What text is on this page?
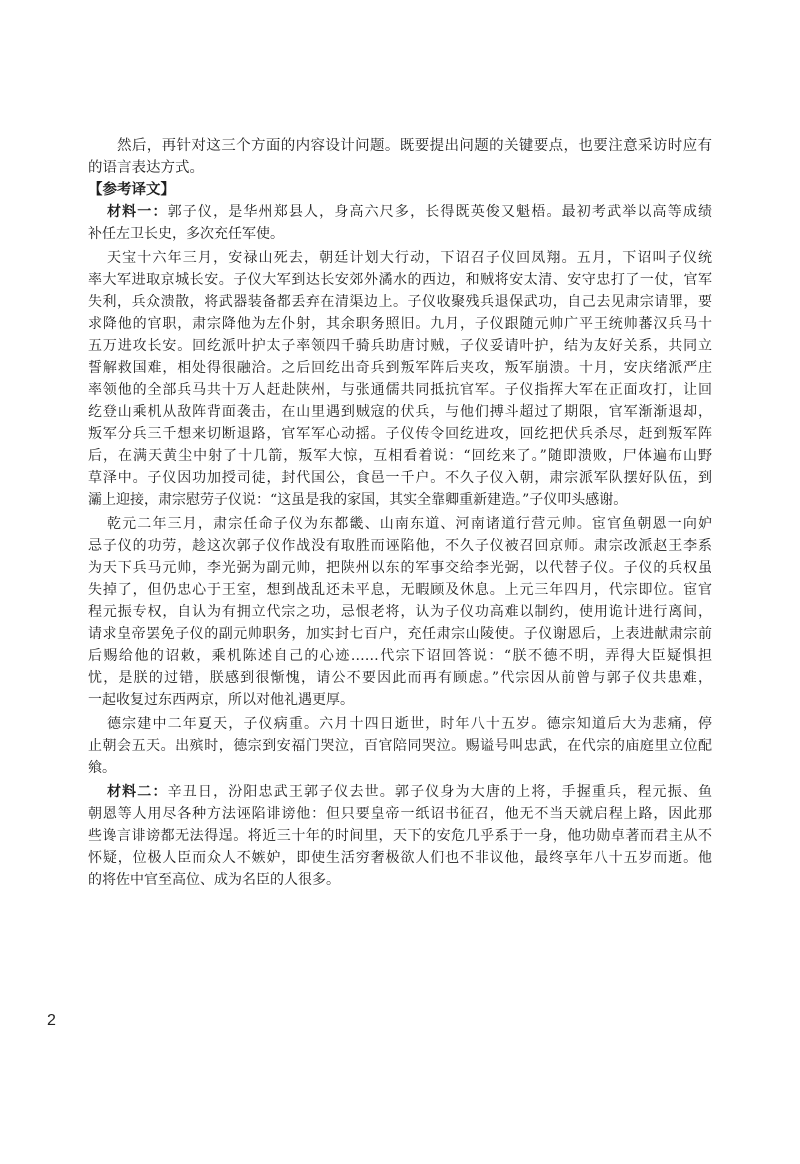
然后，再针对这三个方面的内容设计问题。既要提出问题的关键要点，也要注意采访时应有
的语言表达方式。
【参考译文】
材料一：郭子仪，是华州郑县人，身高六尺多，长得既英俊又魁梧。最初考武举以高等成绩
补任左卫长史，多次充任军使。
天宝十六年三月，安禄山死去，朝廷计划大行动，下诏召子仪回凤翔。五月，下诏叫子仪统
率大军进取京城长安。子仪大军到达长安郊外潏水的西边，和贼将安太清、安守忠打了一仗，官军
失利，兵众溃散，将武器装备都丢弃在清渠边上。子仪收聚残兵退保武功，自己去见肃宗请罪，要
求降他的官职，肃宗降他为左仆射，其余职务照旧。九月，子仪跟随元帅广平王统帅蕃汉兵马十
五万进攻长安。回纥派叶护太子率领四千骑兵助唐讨贼，子仪妥请叶护，结为友好关系，共同立
誓解救国难，相处得很融洽。之后回纥出奇兵到叛军阵后夹攻，叛军崩溃。十月，安庆绪派严庄
率领他的全部兵马共十万人赶赴陕州，与张通儒共同抵抗官军。子仪指挥大军在正面攻打，让回
纥登山乘机从敌阵背面袭击，在山里遇到贼寇的伏兵，与他们搏斗超过了期限，官军渐渐退却，
叛军分兵三千想来切断退路，官军军心动摇。子仪传令回纥进攻，回纥把伏兵杀尽，赶到叛军阵
后，在满天黄尘中射了十几箭，叛军大惊，互相看着说：“回纥来了。”随即溃败，尸体遍布山野
草泽中。子仪因功加授司徒，封代国公，食邑一千户。不久子仪入朝，肃宗派军队摆好队伍，到
灞上迎接，肃宗慰劳子仪说：“这虽是我的家国，其实全靠卿重新建造。”子仪叩头感谢。
乾元二年三月，肃宗任命子仪为东都畿、山南东道、河南诸道行营元帅。宦官鱼朝恩一向妒
忌子仪的功劳，趁这次郭子仪作战没有取胜而诬陷他，不久子仪被召回京师。肃宗改派赵王李系
为天下兵马元帅，李光弼为副元帅，把陕州以东的军事交给李光弼，以代替子仪。子仪的兵权虽
失掉了，但仍忠心于王室，想到战乱还未平息，无暇顾及休息。上元三年四月，代宗即位。宦官
程元振专权，自认为有拥立代宗之功，忌恨老将，认为子仪功高难以制约，使用诡计进行离间，
请求皇帝罢免子仪的副元帅职务，加实封七百户，充任肃宗山陵使。子仪谢恩后，上表进献肃宗前
后赐给他的诏敕，乘机陈述自己的心迹……代宗下诏回答说：“朕不德不明，弄得大臣疑惧担
忧，是朕的过错，朕感到很惭愧，请公不要因此而再有顾虑。”代宗因从前曾与郭子仪共患难，
一起收复过东西两京，所以对他礼遇更厚。
德宗建中二年夏天，子仪病重。六月十四日逝世，时年八十五岁。德宗知道后大为悲痛，停
止朝会五天。出殡时，德宗到安福门哭泣，百官陪同哭泣。赐谥号叫忠武，在代宗的庙庭里立位配
飨。
材料二：辛丑日，汾阳忠武王郭子仪去世。郭子仪身为大唐的上将，手握重兵，程元振、鱼
朝恩等人用尽各种方法诬陷诽谤他：但只要皇帝一纸诏书征召，他无不当天就启程上路，因此那
些谗言诽谤都无法得逞。将近三十年的时间里，天下的安危几乎系于一身，他功勋卓著而君主从不
怀疑，位极人臣而众人不嫉妒，即使生活穷奢极欲人们也不非议他，最终享年八十五岁而逝。他
的将佐中官至高位、成为名臣的人很多。
2
